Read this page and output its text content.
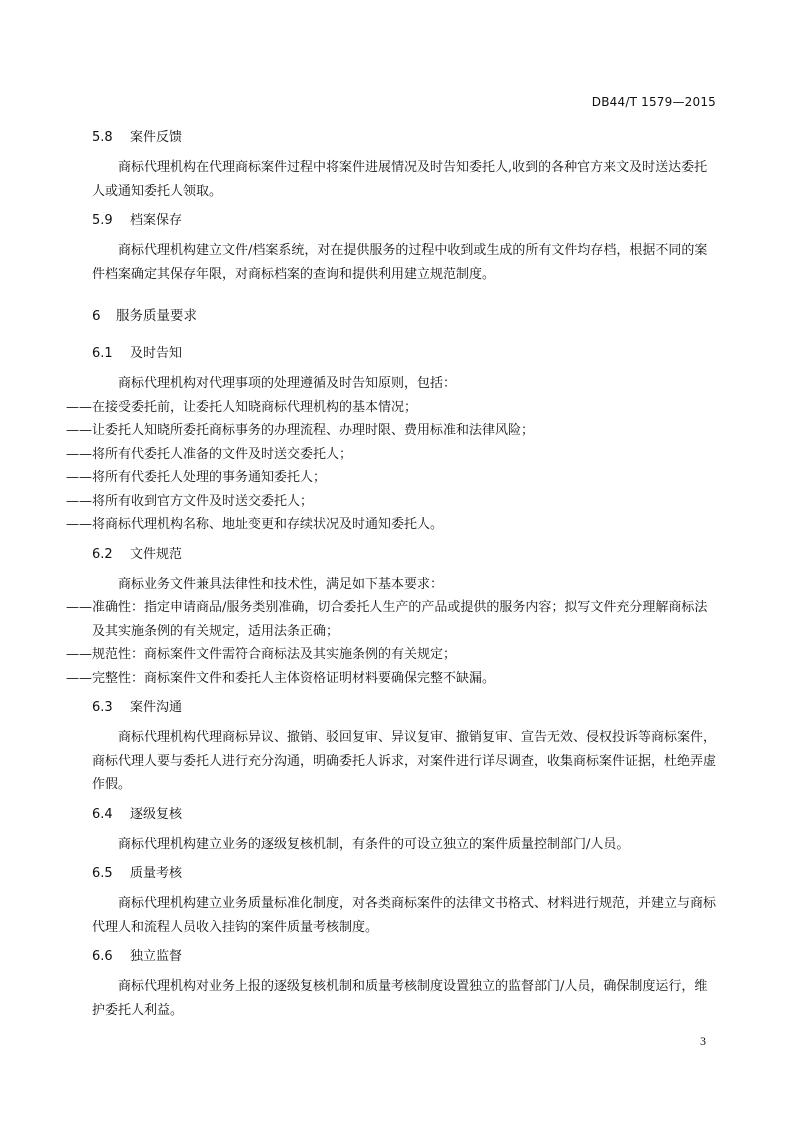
DB44/T 1579—2015
5.8 案件反馈

商标代理机构在代理商标案件过程中将案件进展情况及时告知委托人,收到的各种官方来文及时送达委托人或通知委托人领取。

5.9 档案保存

商标代理机构建立文件/档案系统，对在提供服务的过程中收到或生成的所有文件均存档，根据不同的案件档案确定其保存年限，对商标档案的查询和提供利用建立规范制度。

6 服务质量要求
6.1 及时告知

商标代理机构对代理事项的处理遵循及时告知原则，包括：

——在接受委托前，让委托人知晓商标代理机构的基本情况；

——让委托人知晓所委托商标事务的办理流程、办理时限、费用标准和法律风险；

——将所有代委托人准备的文件及时送交委托人；

——将所有代委托人处理的事务通知委托人；

——将所有收到官方文件及时送交委托人；

——将商标代理机构名称、地址变更和存续状况及时通知委托人。

6.2 文件规范

商标业务文件兼具法律性和技术性，满足如下基本要求：

——准确性：指定申请商品/服务类别准确，切合委托人生产的产品或提供的服务内容；拟写文件充分理解商标法及其实施条例的有关规定，适用法条正确；

——规范性：商标案件文件需符合商标法及其实施条例的有关规定；

——完整性：商标案件文件和委托人主体资格证明材料要确保完整不缺漏。

6.3 案件沟通

商标代理机构代理商标异议、撤销、驳回复审、异议复审、撤销复审、宣告无效、侵权投诉等商标案件，商标代理人要与委托人进行充分沟通，明确委托人诉求，对案件进行详尽调查，收集商标案件证据，杜绝弄虚作假。

6.4 逐级复核

商标代理机构建立业务的逐级复核机制，有条件的可设立独立的案件质量控制部门/人员。

6.5 质量考核

商标代理机构建立业务质量标准化制度，对各类商标案件的法律文书格式、材料进行规范，并建立与商标代理人和流程人员收入挂钩的案件质量考核制度。

6.6 独立监督

商标代理机构对业务上报的逐级复核机制和质量考核制度设置独立的监督部门/人员，确保制度运行，维护委托人利益。

3
